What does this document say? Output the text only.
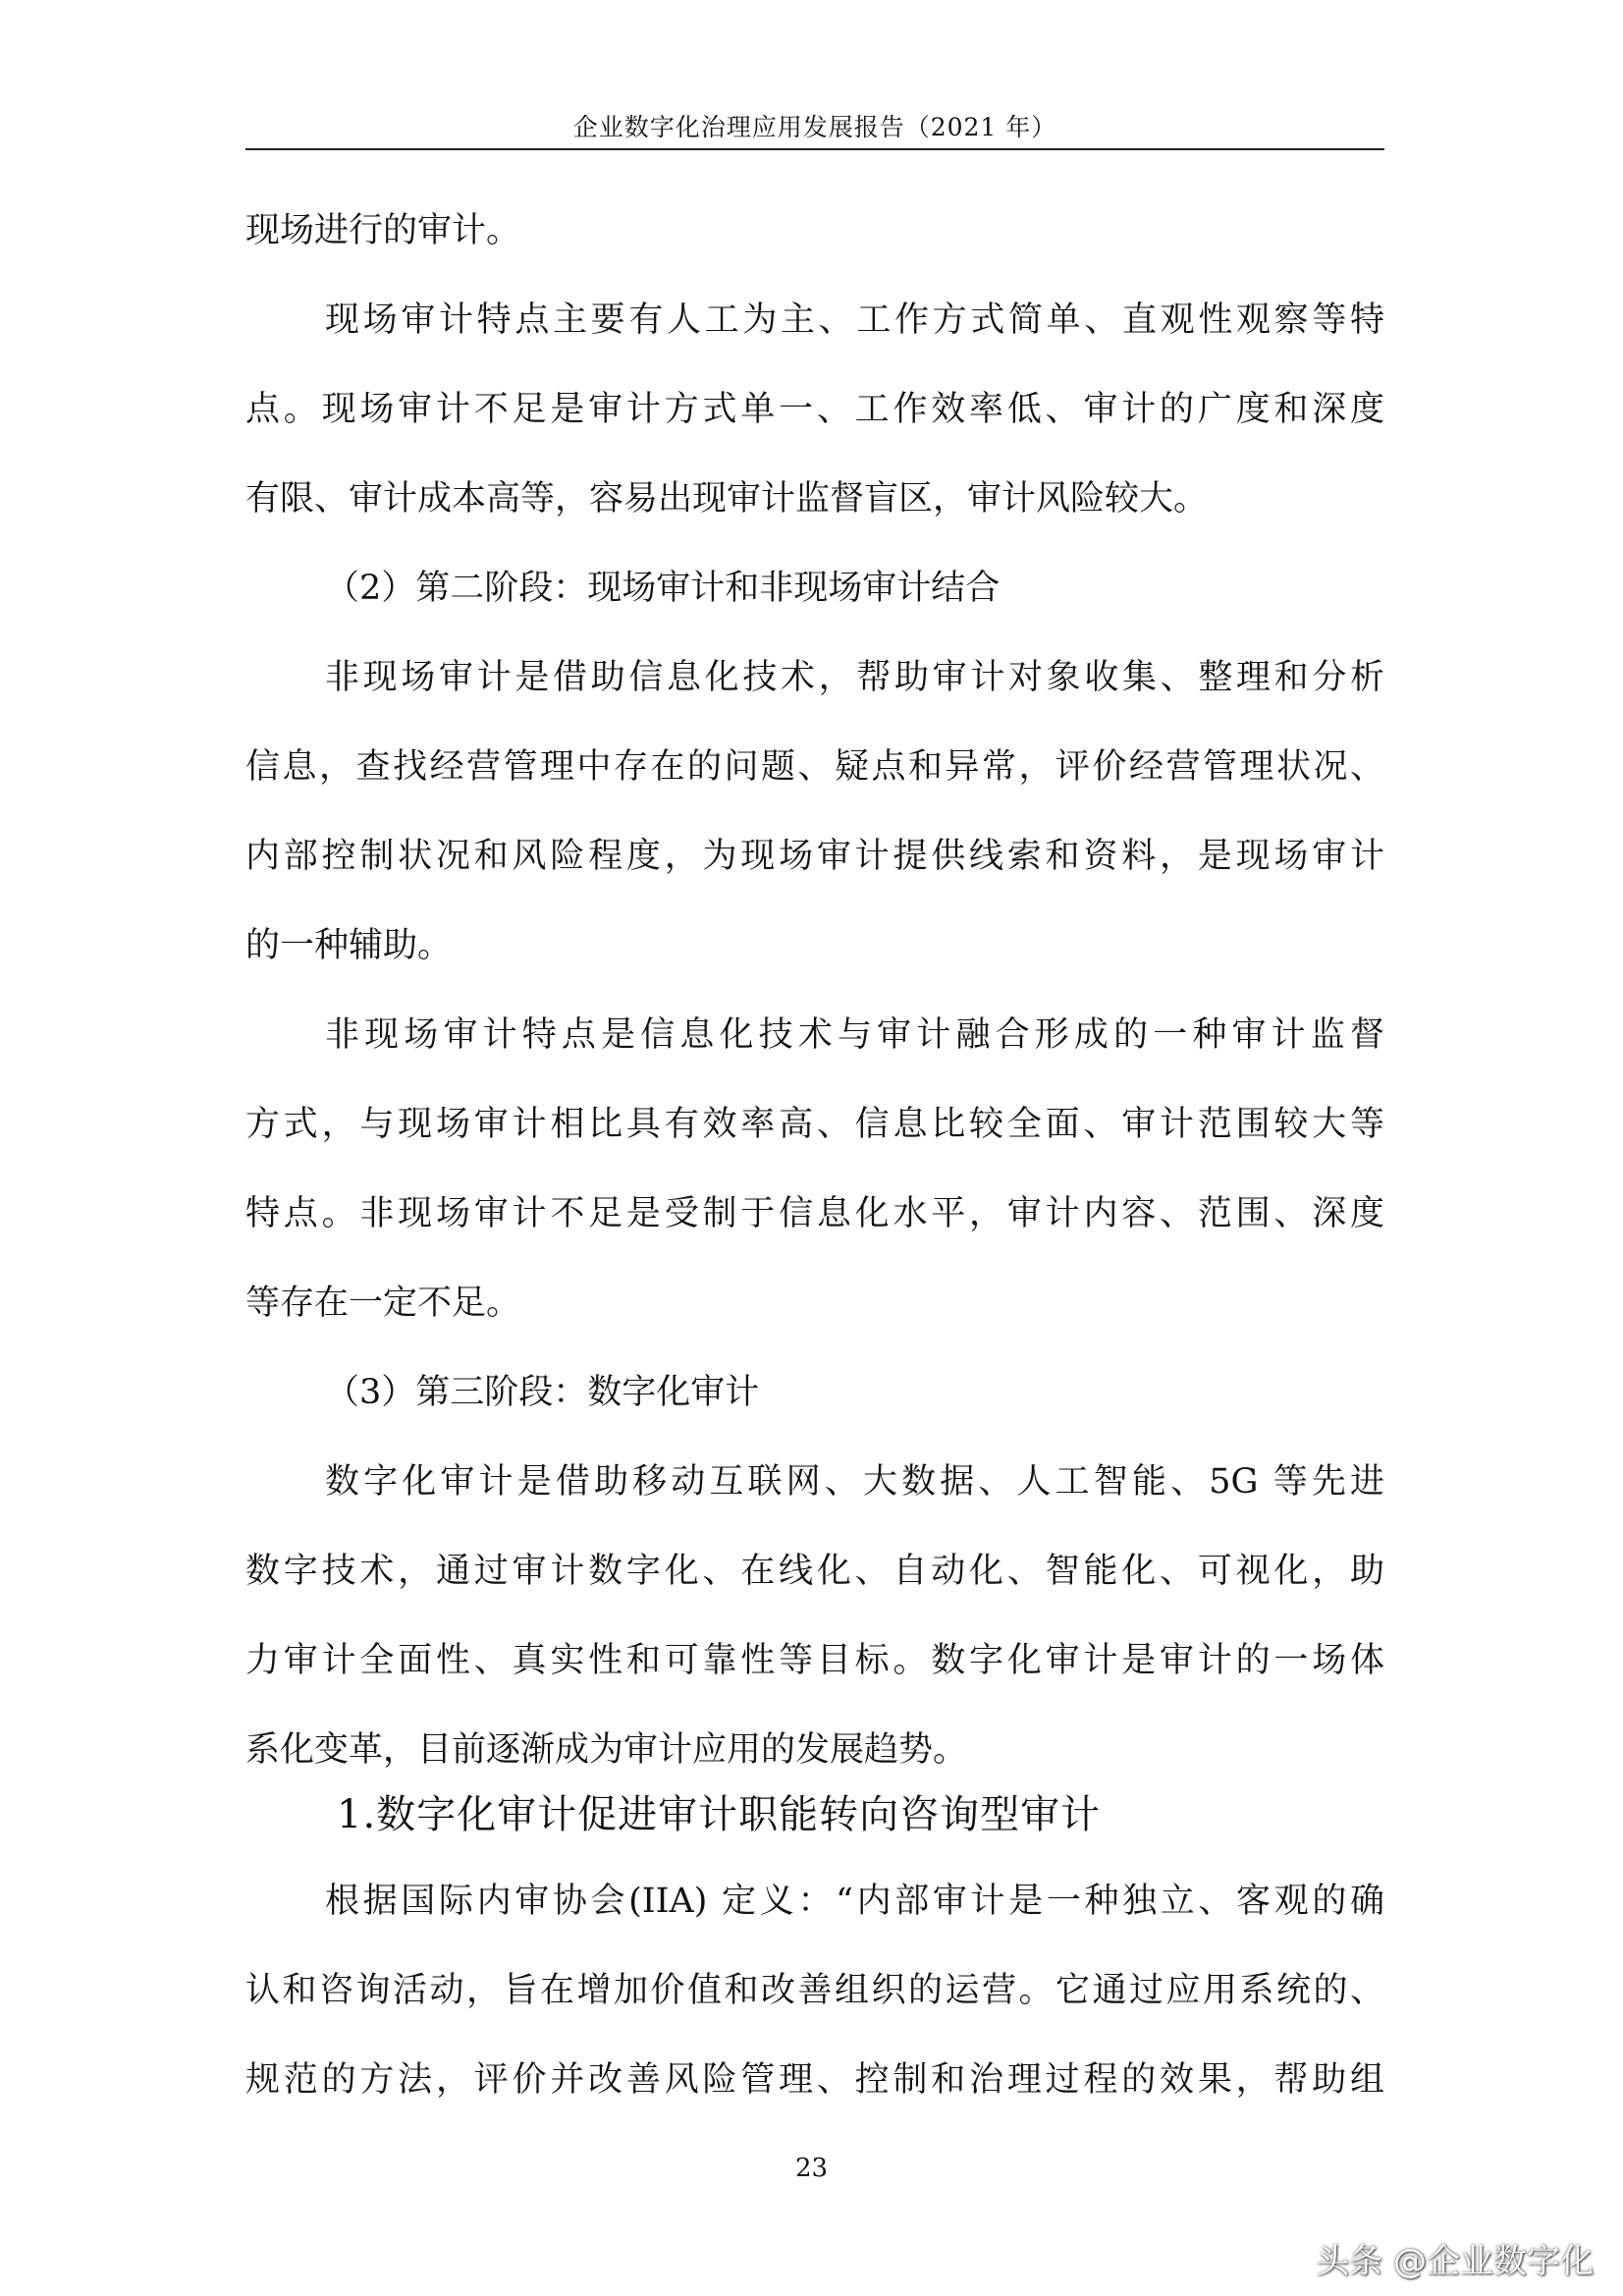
企业数字化治理应用发展报告（2021 年）
现场进行的审计。
现场审计特点主要有人工为主、工作方式简单、直观性观察等特
点。现场审计不足是审计方式单一、工作效率低、审计的广度和深度
有限、审计成本高等，容易出现审计监督盲区，审计风险较大。
（2）第二阶段：现场审计和非现场审计结合
非现场审计是借助信息化技术，帮助审计对象收集、整理和分析
信息，查找经营管理中存在的问题、疑点和异常，评价经营管理状况、
内部控制状况和风险程度，为现场审计提供线索和资料，是现场审计
的一种辅助。
非现场审计特点是信息化技术与审计融合形成的一种审计监督
方式，与现场审计相比具有效率高、信息比较全面、审计范围较大等
特点。非现场审计不足是受制于信息化水平，审计内容、范围、深度
等存在一定不足。
（3）第三阶段：数字化审计
数字化审计是借助移动互联网、大数据、人工智能、5G 等先进
数字技术，通过审计数字化、在线化、自动化、智能化、可视化，助
力审计全面性、真实性和可靠性等目标。数字化审计是审计的一场体
系化变革，目前逐渐成为审计应用的发展趋势。
1.数字化审计促进审计职能转向咨询型审计
根据国际内审协会(IIA) 定义：“内部审计是一种独立、客观的确
认和咨询活动，旨在增加价值和改善组织的运营。它通过应用系统的、
规范的方法，评价并改善风险管理、控制和治理过程的效果，帮助组
23
头条 @企业数字化
